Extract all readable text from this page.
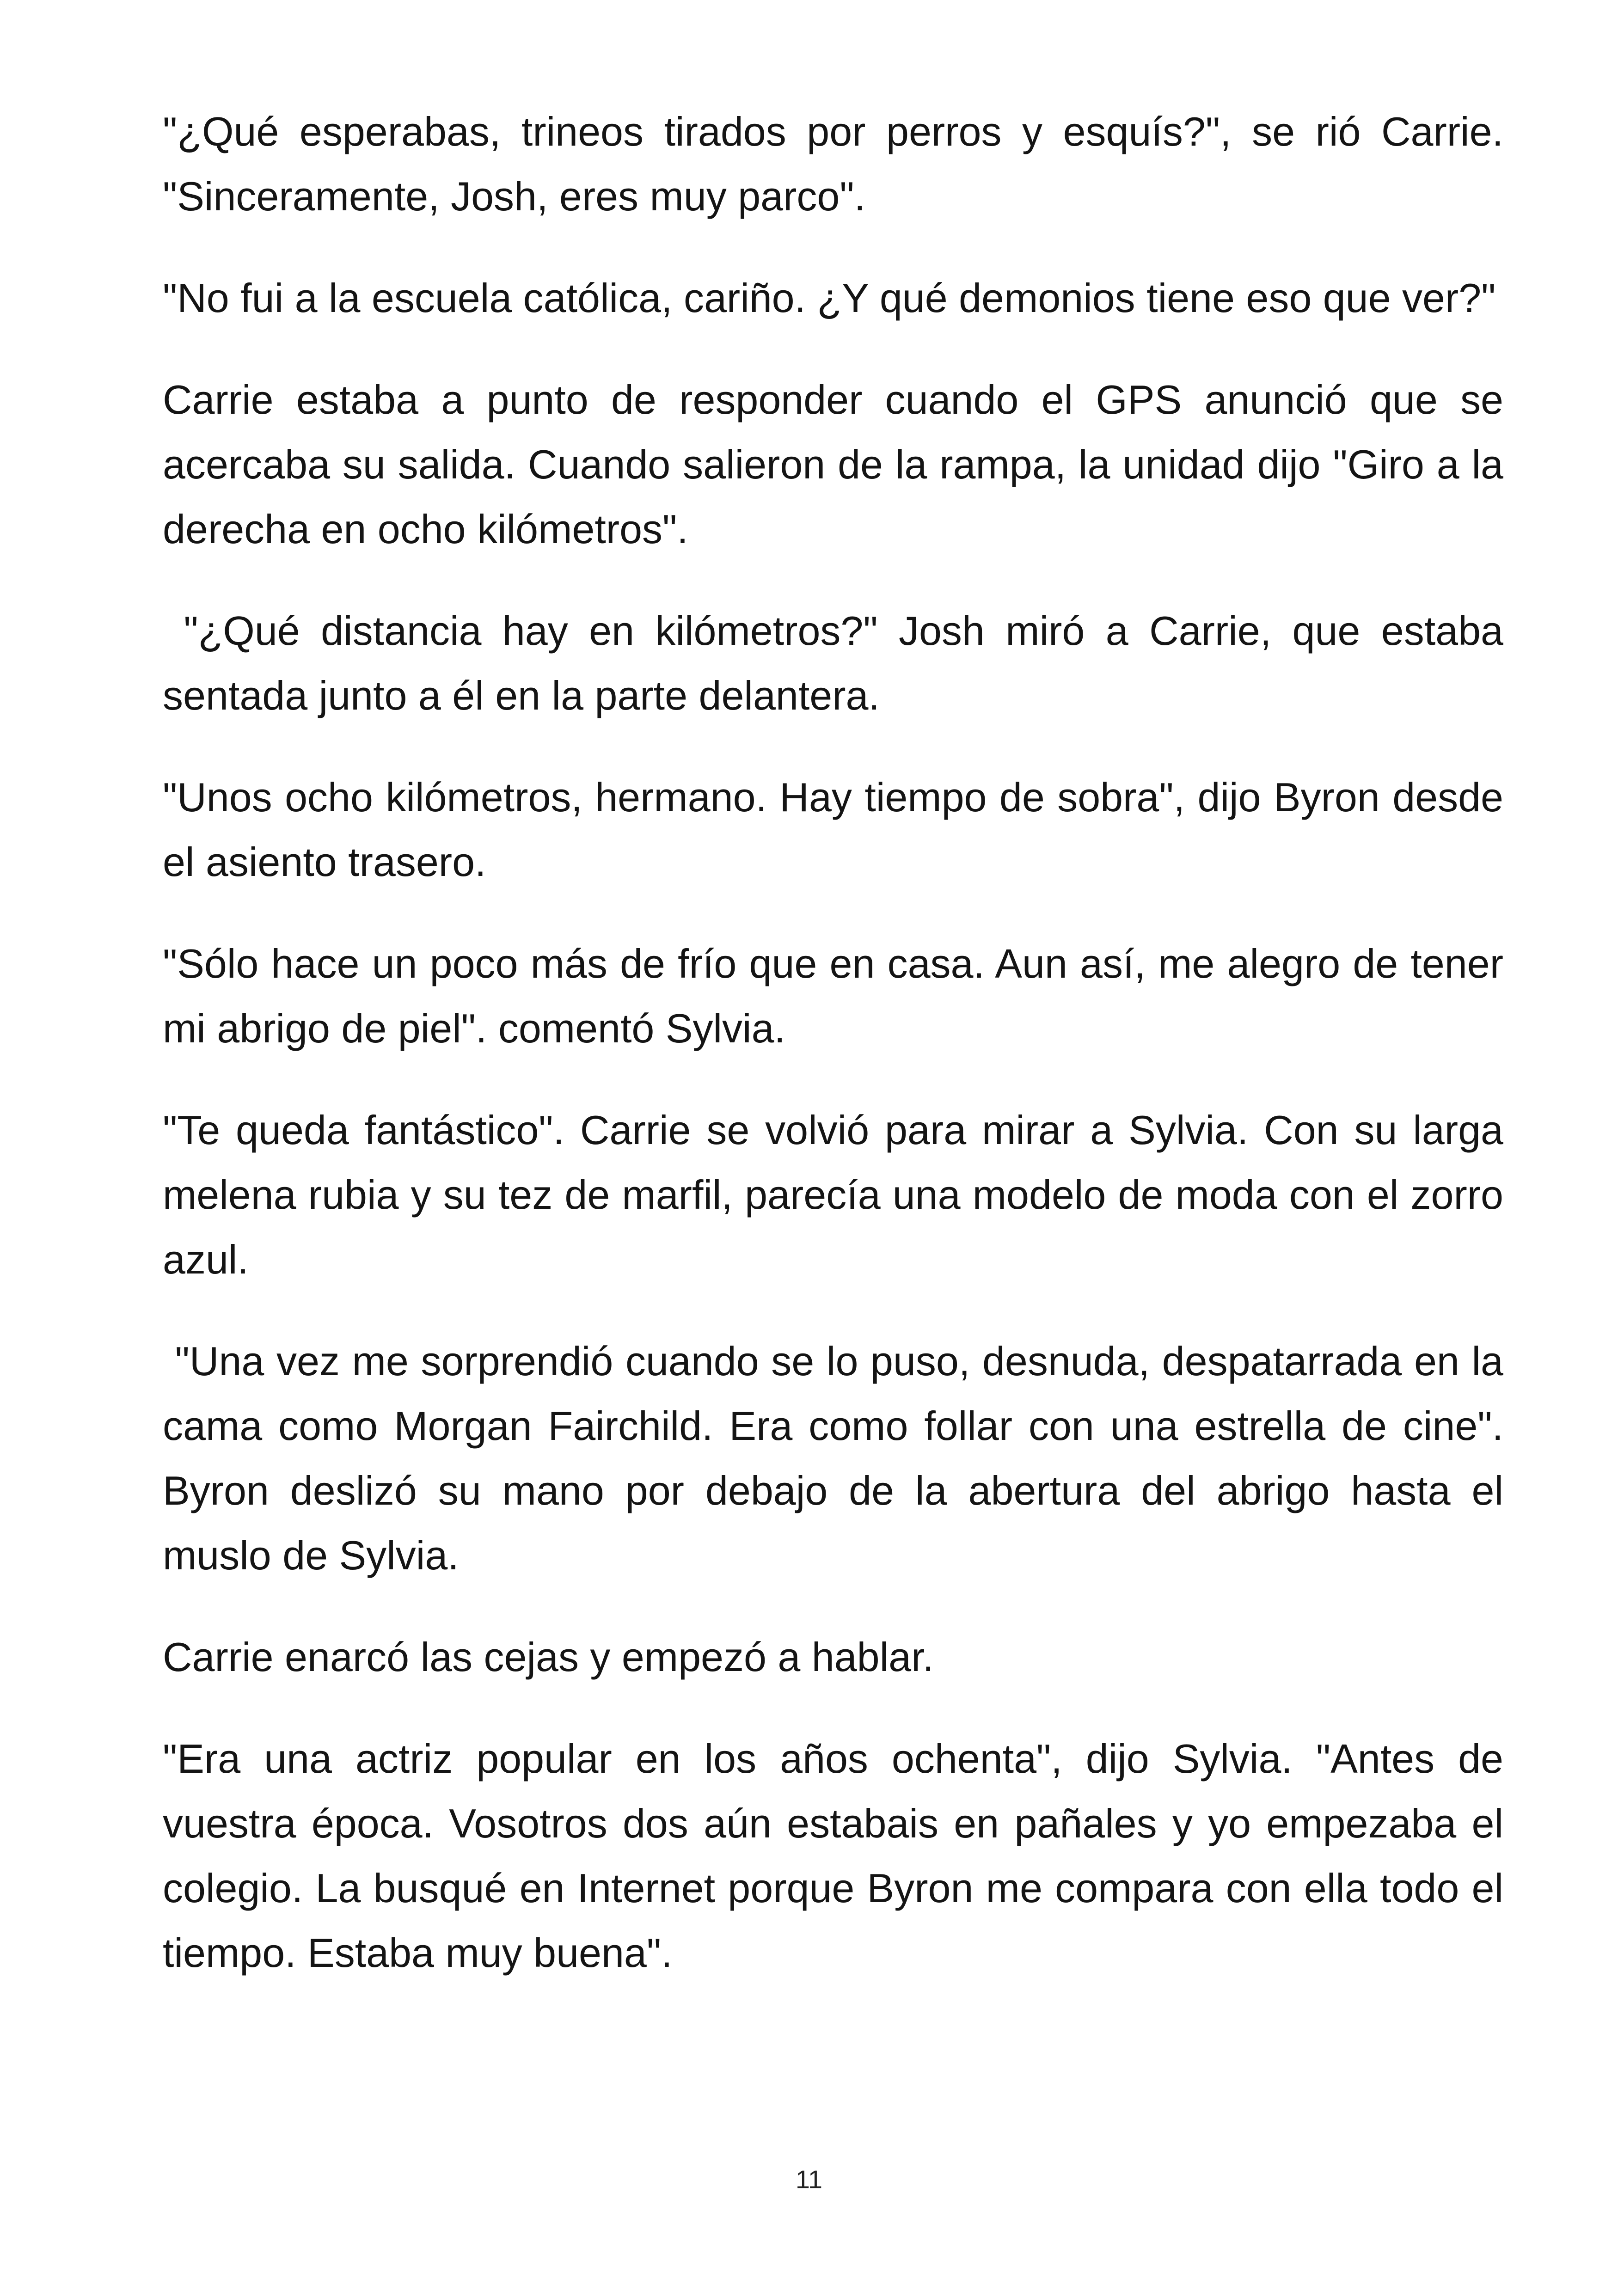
"¿Qué esperabas, trineos tirados por perros y esquís?", se rió Carrie. "Sinceramente, Josh, eres muy parco".

"No fui a la escuela católica, cariño. ¿Y qué demonios tiene eso que ver?"

Carrie estaba a punto de responder cuando el GPS anunció que se acercaba su salida. Cuando salieron de la rampa, la unidad dijo "Giro a la derecha en ocho kilómetros".

"¿Qué distancia hay en kilómetros?" Josh miró a Carrie, que estaba sentada junto a él en la parte delantera.

"Unos ocho kilómetros, hermano. Hay tiempo de sobra", dijo Byron desde el asiento trasero.

"Sólo hace un poco más de frío que en casa. Aun así, me alegro de tener mi abrigo de piel". comentó Sylvia.

"Te queda fantástico". Carrie se volvió para mirar a Sylvia. Con su larga melena rubia y su tez de marfil, parecía una modelo de moda con el zorro azul.

"Una vez me sorprendió cuando se lo puso, desnuda, despatarrada en la cama como Morgan Fairchild. Era como follar con una estrella de cine". Byron deslizó su mano por debajo de la abertura del abrigo hasta el muslo de Sylvia.

Carrie enarcó las cejas y empezó a hablar.

"Era una actriz popular en los años ochenta", dijo Sylvia. "Antes de vuestra época. Vosotros dos aún estabais en pañales y yo empezaba el colegio. La busqué en Internet porque Byron me compara con ella todo el tiempo. Estaba muy buena".

11
